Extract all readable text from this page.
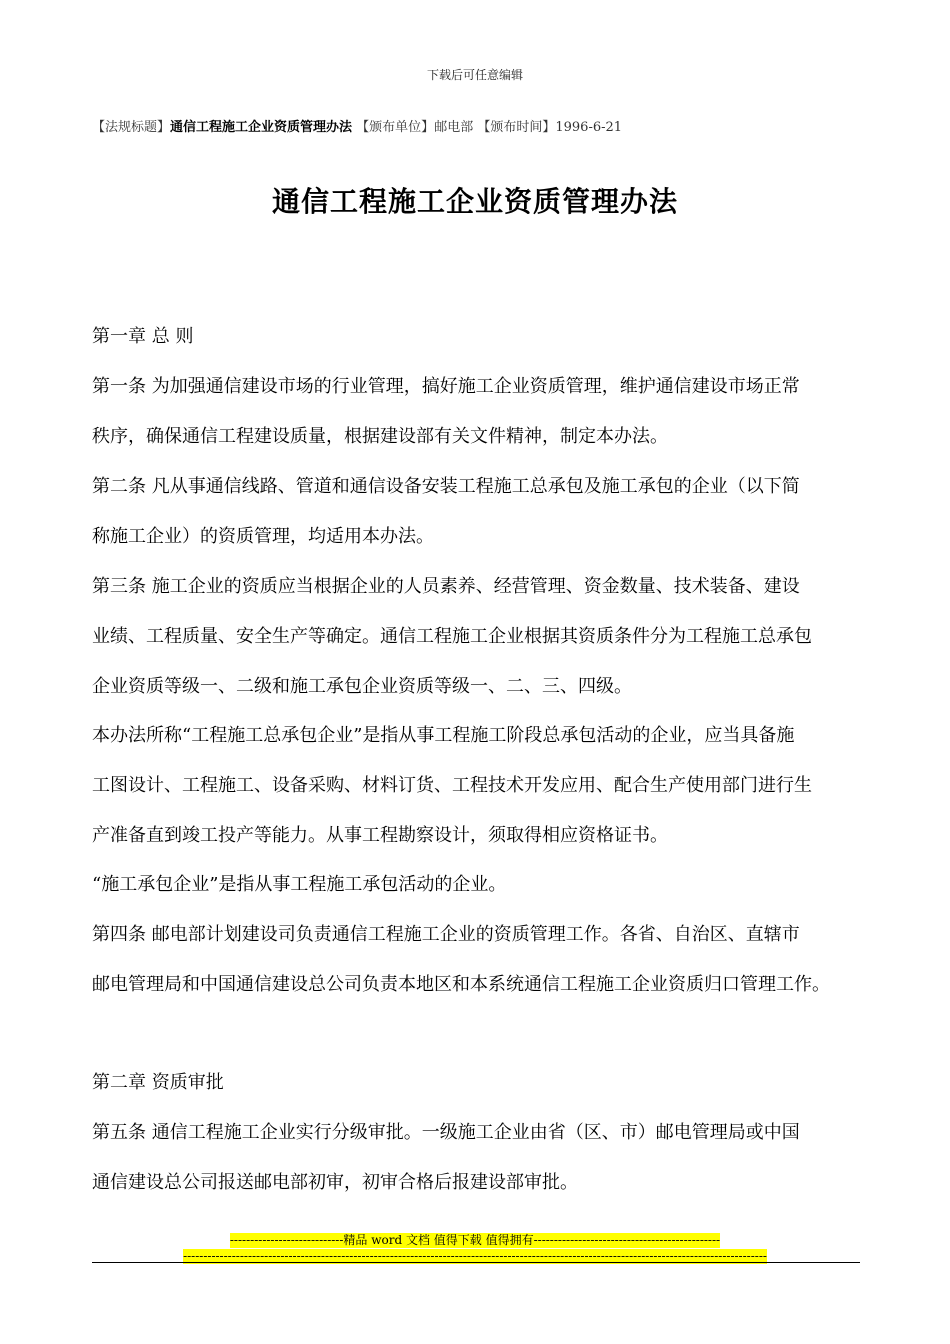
下载后可任意编辑
【法规标题】通信工程施工企业资质管理办法 【颁布单位】邮电部 【颁布时间】1996-6-21
通信工程施工企业资质管理办法
第一章 总 则
第一条 为加强通信建设市场的行业管理，搞好施工企业资质管理，维护通信建设市场正常
秩序，确保通信工程建设质量，根据建设部有关文件精神，制定本办法。
第二条 凡从事通信线路、管道和通信设备安装工程施工总承包及施工承包的企业（以下简
称施工企业）的资质管理，均适用本办法。
第三条 施工企业的资质应当根据企业的人员素养、经营管理、资金数量、技术装备、建设
业绩、工程质量、安全生产等确定。通信工程施工企业根据其资质条件分为工程施工总承包
企业资质等级一、二级和施工承包企业资质等级一、二、三、四级。
本办法所称“工程施工总承包企业”是指从事工程施工阶段总承包活动的企业，应当具备施
工图设计、工程施工、设备采购、材料订货、工程技术开发应用、配合生产使用部门进行生
产准备直到竣工投产等能力。从事工程勘察设计，须取得相应资格证书。
“施工承包企业”是指从事工程施工承包活动的企业。
第四条 邮电部计划建设司负责通信工程施工企业的资质管理工作。各省、自治区、直辖市
邮电管理局和中国通信建设总公司负责本地区和本系统通信工程施工企业资质归口管理工作。
第二章 资质审批
第五条 通信工程施工企业实行分级审批。一级施工企业由省（区、市）邮电管理局或中国
通信建设总公司报送邮电部初审，初审合格后报建设部审批。
----------------------------精品 word 文档 值得下载 值得拥有----------------------------------------------
------------------------------------------------------------------------------------------------------------------------------------------------
